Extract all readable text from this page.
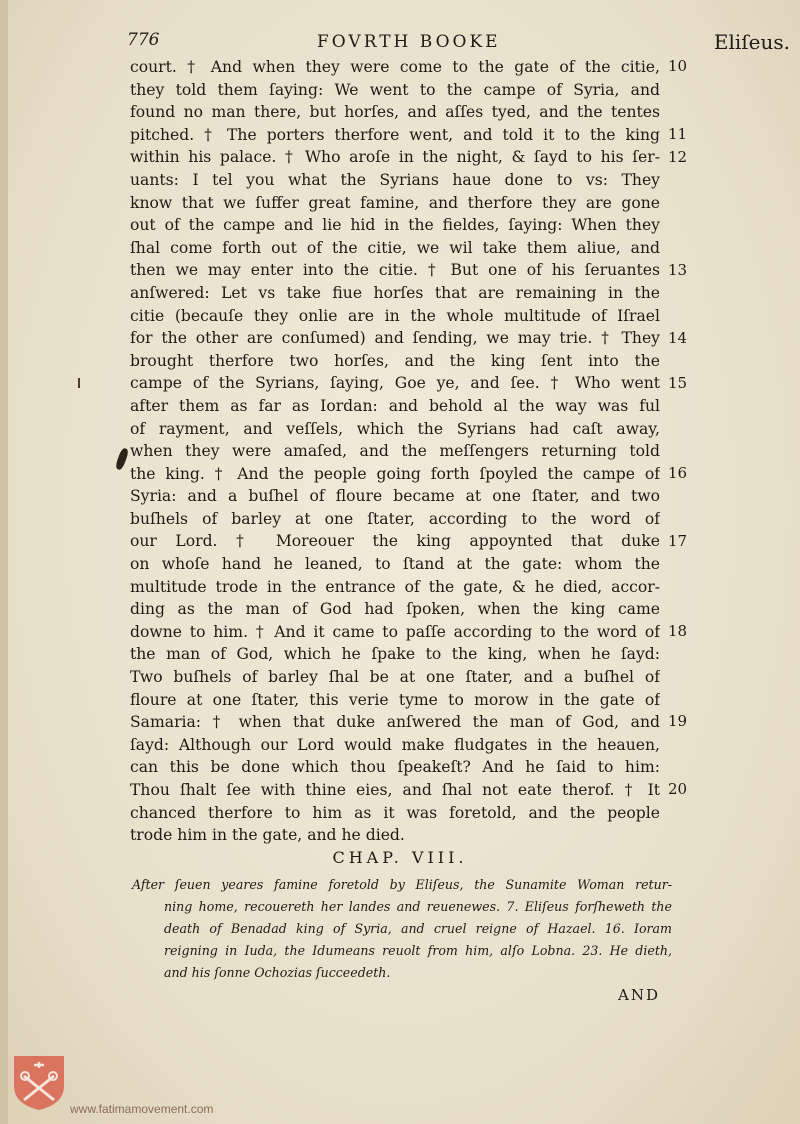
776	FOVRTH BOOKE	Eliſeus.
court. † And when they were come to the gate of the citie,
they told them ſaying: We went to the campe of Syria, and
found no man there, but horſes, and aſſes tyed, and the tentes
pitched. † The porters therfore went, and told it to the king
within his palace. † Who aroſe in the night, & ſayd to his ſer-
uants: I tel you what the Syrians haue done to vs: They
know that we ſuffer great famine, and therfore they are gone
out of the campe and lie hid in the fieldes, ſaying: When they
ſhal come forth out of the citie, we wil take them aliue, and
then we may enter into the citie. † But one of his ſeruantes
anſwered: Let vs take fiue horſes that are remaining in the
citie (becauſe they onlie are in the whole multitude of Iſrael
for the other are conſumed) and ſending, we may trie. † They
brought therfore two horſes, and the king ſent into the
campe of the Syrians, ſaying, Goe ye, and ſee. † Who went
after them as far as Iordan: and behold al the way was ful
of rayment, and veſſels, which the Syrians had caſt away,
when they were amaſed, and the meſſengers returning told
the king. † And the people going forth ſpoyled the campe of
Syria: and a buſhel of floure became at one ſtater, and two
buſhels of barley at one ſtater, according to the word of
our Lord. † Moreouer the king appoynted that duke
on whoſe hand he leaned, to ſtand at the gate: whom the
multitude trode in the entrance of the gate, & he died, accor-
ding as the man of God had ſpoken, when the king came
downe to him. † And it came to paſſe according to the word of
the man of God, which he ſpake to the king, when he ſayd:
Two buſhels of barley ſhal be at one ſtater, and a buſhel of
floure at one ſtater, this verie tyme to morow in the gate of
Samaria: † when that duke anſwered the man of God, and
ſayd: Although our Lord would make fludgates in the heauen,
can this be done which thou ſpeakeſt? And he ſaid to him:
Thou ſhalt ſee with thine eies, and ſhal not eate therof. † It
chanced therfore to him as it was foretold, and the people
trode him in the gate, and he died.
10
11
12
13
14
15
16
17
18
19
20
CHAP. VIII.
After ſeuen yeares famine foretold by Eliſeus, the Sunamite Woman retur-
ning home, recouereth her landes and reuenewes. 7. Eliſeus forſheweth the
death of Benadad king of Syria, and cruel reigne of Hazael. 16. Ioram
reigning in Iuda, the Idumeans reuolt from him, alſo Lobna. 23. He dieth,
and his ſonne Ochozias ſucceedeth.
AND
www.fatimamovement.com
